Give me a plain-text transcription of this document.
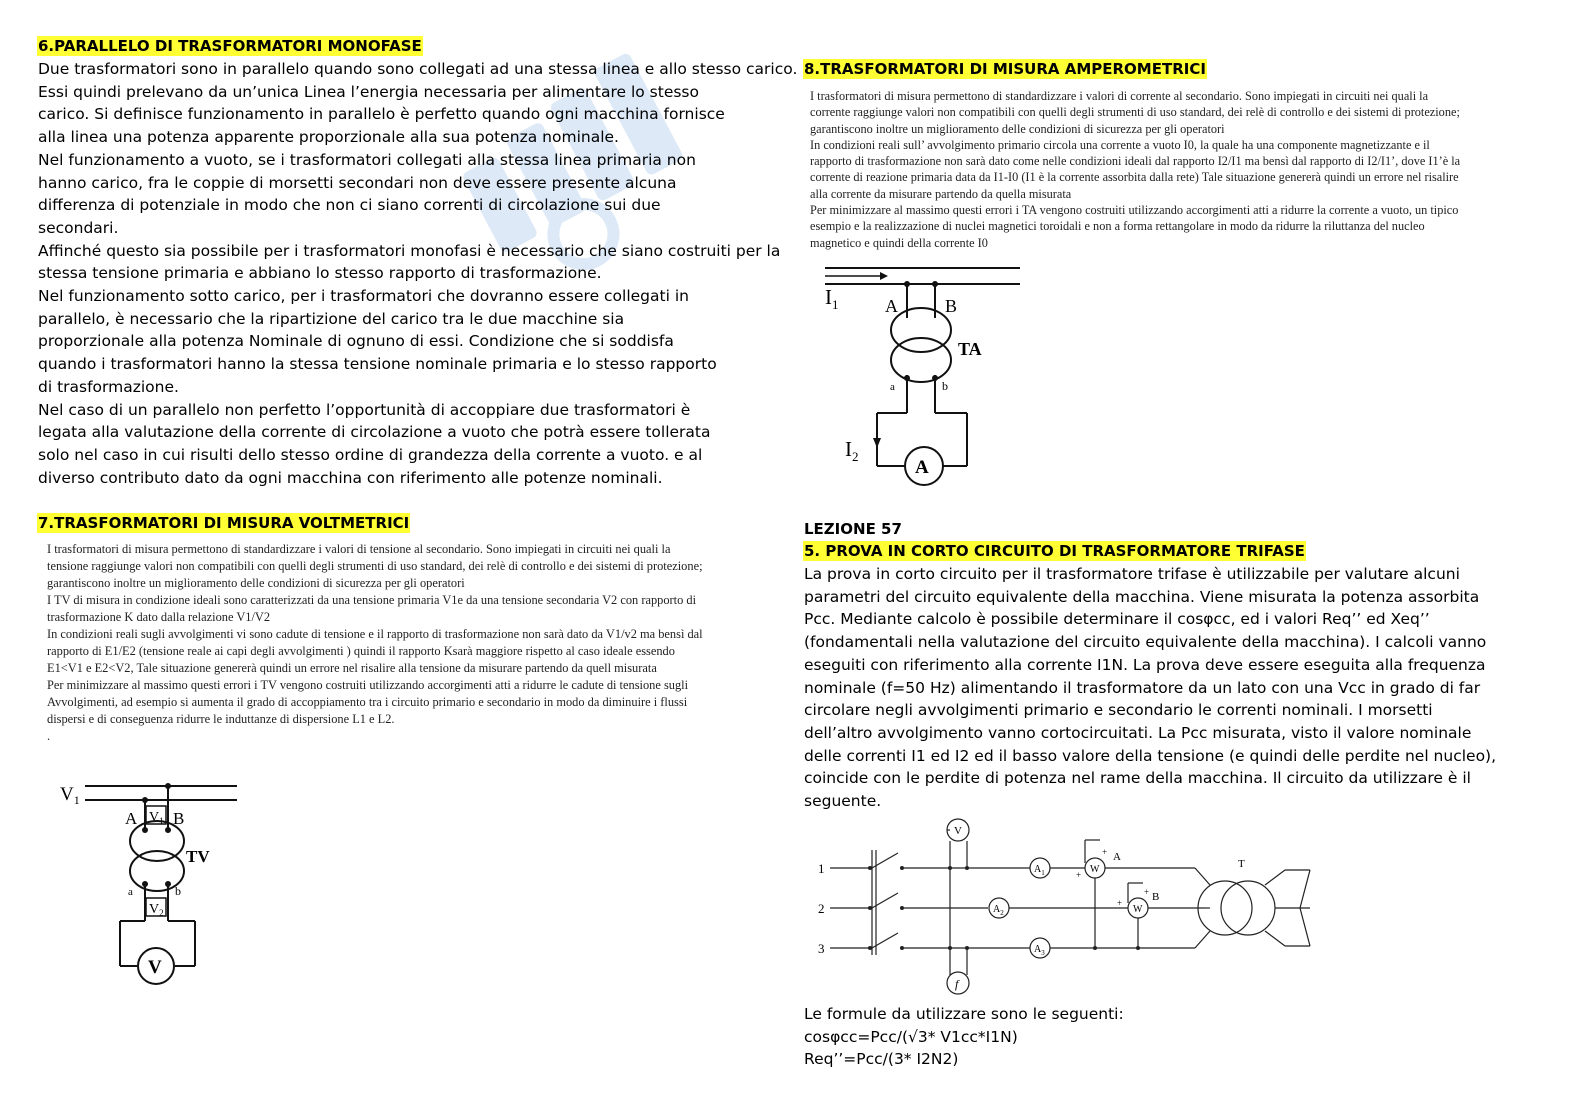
6.PARALLELO DI TRASFORMATORI MONOFASE
Due trasformatori sono in parallelo quando sono collegati ad una stessa linea e allo stesso carico.
Essi quindi prelevano da un’unica Linea l’energia necessaria per alimentare lo stesso
carico. Si definisce funzionamento in parallelo è perfetto quando ogni macchina fornisce
alla linea una potenza apparente proporzionale alla sua potenza nominale.
Nel funzionamento a vuoto, se i trasformatori collegati alla stessa linea primaria non
hanno carico, fra le coppie di morsetti secondari non deve essere presente alcuna
differenza di potenziale in modo che non ci siano correnti di circolazione sui due
secondari.
Affinché questo sia possibile per i trasformatori monofasi è necessario che siano costruiti per la
stessa tensione primaria e abbiano lo stesso rapporto di trasformazione.
Nel funzionamento sotto carico, per i trasformatori che dovranno essere collegati in
parallelo, è necessario che la ripartizione del carico tra le due macchine sia
proporzionale alla potenza Nominale di ognuno di essi. Condizione che si soddisfa
quando i trasformatori hanno la stessa tensione nominale primaria e lo stesso rapporto
di trasformazione.
Nel caso di un parallelo non perfetto l’opportunità di accoppiare due trasformatori è
legata alla valutazione della corrente di circolazione a vuoto che potrà essere tollerata
solo nel caso in cui risulti dello stesso ordine di grandezza della corrente a vuoto. e al
diverso contributo dato da ogni macchina con riferimento alle potenze nominali.
7.TRASFORMATORI DI MISURA VOLTMETRICI
I trasformatori di misura permettono di standardizzare i valori di tensione al secondario. Sono impiegati in circuiti nei quali la
tensione raggiunge valori non compatibili con quelli degli strumenti di uso standard, dei relè di controllo e dei sistemi di protezione;
garantiscono inoltre un miglioramento delle condizioni di sicurezza per gli operatori
I TV di misura in condizione ideali sono caratterizzati da una tensione primaria V1e da una tensione secondaria V2 con rapporto di
trasformazione K dato dalla relazione V1/V2
In condizioni reali sugli avvolgimenti vi sono cadute di tensione e il rapporto di trasformazione non sarà dato da V1/v2 ma bensì dal
rapporto di E1/E2 (tensione reale ai capi degli avvolgimenti ) quindi il rapporto Ksarà maggiore rispetto al caso ideale essendo
E1<V1 e E2<V2, Tale situazione genererà quindi un errore nel risalire alla tensione da misurare partendo da quell misurata
Per minimizzare al massimo questi errori i TV vengono costruiti utilizzando accorgimenti atti a ridurre le cadute di tensione sugli
Avvolgimenti, ad esempio si aumenta il grado di accoppiamento tra i circuito primario e secondario in modo da diminuire i flussi
dispersi e di conseguenza ridurre le induttanze di dispersione L1 e L2.
.
$V_1$
A $V_1$ B
TV
a	b
$V_2$
V
8.TRASFORMATORI DI MISURA AMPEROMETRICI
I trasformatori di misura permettono di standardizzare i valori di corrente al secondario. Sono impiegati in circuiti nei quali la
corrente raggiunge valori non compatibili con quelli degli strumenti di uso standard, dei relè di controllo e dei sistemi di protezione;
garantiscono inoltre un miglioramento delle condizioni di sicurezza per gli operatori
In condizioni reali sull’ avvolgimento primario circola una corrente a vuoto I0, la quale ha una componente magnetizzante e il
rapporto di trasformazione non sarà dato come nelle condizioni ideali dal rapporto I2/I1 ma bensì dal rapporto di I2/I1’, dove I1’è la
corrente di reazione primaria data da I1-I0 (I1 è la corrente assorbita dalla rete) Tale situazione genererà quindi un errore nel risalire
alla corrente da misurare partendo da quella misurata
Per minimizzare al massimo questi errori i TA vengono costruiti utilizzando accorgimenti atti a ridurre la corrente a vuoto, un tipico
esempio e la realizzazione di nuclei magnetici toroidali e non a forma rettangolare in modo da ridurre la riluttanza del nucleo
magnetico e quindi della corrente I0
$I_1$	A	B
TA
a	b
$I_2$
A
LEZIONE 57
5. PROVA IN CORTO CIRCUITO DI TRASFORMATORE TRIFASE
La prova in corto circuito per il trasformatore trifase è utilizzabile per valutare alcuni
parametri del circuito equivalente della macchina. Viene misurata la potenza assorbita
Pcc. Mediante calcolo è possibile determinare il cosφcc, ed i valori Req’’ ed Xeq’’
(fondamentali nella valutazione del circuito equivalente della macchina). I calcoli vanno
eseguiti con riferimento alla corrente I1N. La prova deve essere eseguita alla frequenza
nominale (f=50 Hz) alimentando il trasformatore da un lato con una Vcc in grado di far
circolare negli avvolgimenti primario e secondario le correnti nominali. I morsetti
dell’altro avvolgimento vanno cortocircuitati. La Pcc misurata, visto il valore nominale
delle correnti I1 ed I2 ed il basso valore della tensione (e quindi delle perdite nel nucleo),
coincide con le perdite di potenza nel rame della macchina. Il circuito da utilizzare è il
seguente.
1
2
3
V
f
$A_1$
$A_2$
$A_3$
W
W
A
B
+
+
+
+
T
Le formule da utilizzare sono le seguenti:
cosφcc=Pcc/(√3* V1cc*I1N)
Req’’=Pcc/(3* I2N2)
